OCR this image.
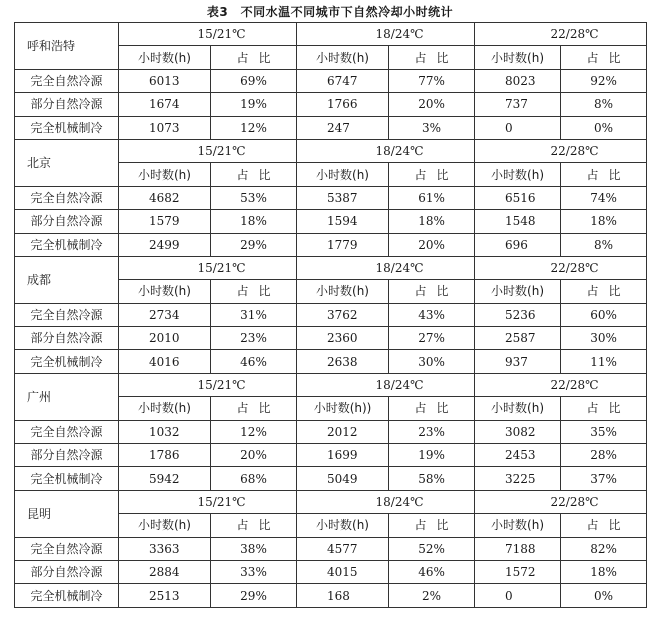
表3　不同水温不同城市下自然冷却小时统计
呼和浩特	15/21℃		18/24℃		22/28℃	
	小时数(h)	占比	小时数(h)	占比	小时数(h)	占比
完全自然冷源	6013	69%	6747	77%	8023	92%
部分自然冷源	1674	19%	1766	20%	737	8%
完全机械制冷	1073	12%	247	3%	0	0%
北京	15/21℃		18/24℃		22/28℃	
	小时数(h)	占比	小时数(h)	占比	小时数(h)	占比
完全自然冷源	4682	53%	5387	61%	6516	74%
部分自然冷源	1579	18%	1594	18%	1548	18%
完全机械制冷	2499	29%	1779	20%	696	8%
成都	15/21℃		18/24℃		22/28℃	
	小时数(h)	占比	小时数(h)	占比	小时数(h)	占比
完全自然冷源	2734	31%	3762	43%	5236	60%
部分自然冷源	2010	23%	2360	27%	2587	30%
完全机械制冷	4016	46%	2638	30%	937	11%
广州	15/21℃		18/24℃		22/28℃	
	小时数(h)	占比	小时数(h))	占比	小时数(h)	占比
完全自然冷源	1032	12%	2012	23%	3082	35%
部分自然冷源	1786	20%	1699	19%	2453	28%
完全机械制冷	5942	68%	5049	58%	3225	37%
昆明	15/21℃		18/24℃		22/28℃	
	小时数(h)	占比	小时数(h)	占比	小时数(h)	占比
完全自然冷源	3363	38%	4577	52%	7188	82%
部分自然冷源	2884	33%	4015	46%	1572	18%
完全机械制冷	2513	29%	168	2%	0	0%
